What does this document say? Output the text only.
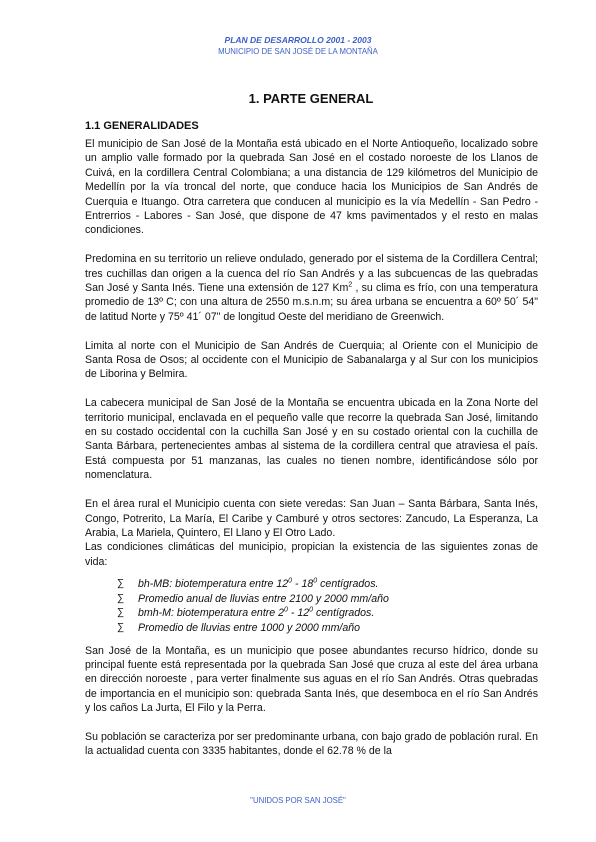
PLAN DE DESARROLLO 2001 - 2003
MUNICIPIO DE SAN JOSÉ DE LA MONTAÑA
1. PARTE GENERAL
1.1 GENERALIDADES

El municipio de San José de la Montaña está ubicado en el Norte Antioqueño, localizado sobre un amplio valle formado por la quebrada San José en el costado noroeste de los Llanos de Cuivá, en la cordillera Central Colombiana; a una distancia de 129 kilómetros del Municipio de Medellín por la vía troncal del norte, que conduce hacia los Municipios de San Andrés de Cuerquia e Ituango. Otra carretera que conducen al municipio es la vía Medellín - San Pedro -Entrerrios - Labores - San José, que dispone de 47 kms pavimentados y el resto en malas condiciones.

Predomina en su territorio un relieve ondulado, generado por el sistema de la Cordillera Central; tres cuchillas dan origen a la cuenca del río San Andrés y a las subcuencas de las quebradas San José y Santa Inés. Tiene una extensión de 127 Km$^2$ , su clima es frío, con una temperatura promedio de 13º C; con una altura de 2550 m.s.n.m; su área urbana se encuentra a 60º 50´ 54" de latitud Norte y 75º 41´ 07" de longitud Oeste del meridiano de Greenwich.

Limita al norte con el Municipio de San Andrés de Cuerquia; al Oriente con el Municipio de Santa Rosa de Osos; al occidente con el Municipio de Sabanalarga y al Sur con los municipios de Liborina y Belmira.

La cabecera municipal de San José de la Montaña se encuentra ubicada en la Zona Norte del territorio municipal, enclavada en el pequeño valle que recorre la quebrada San José, limitando en su costado occidental con la cuchilla San José y en su costado oriental con la cuchilla de Santa Bárbara, pertenecientes ambas al sistema de la cordillera central que atraviesa el país. Está compuesta por 51 manzanas, las cuales no tienen nombre, identificándose sólo por nomenclatura.

En el área rural el Municipio cuenta con siete veredas: San Juan – Santa Bárbara, Santa Inés, Congo, Potrerito, La María, El Caribe y Camburé y otros sectores: Zancudo, La Esperanza, La Arabia, La Mariela, Quintero, El Llano y El Otro Lado.

Las condiciones climáticas del municipio, propician la existencia de las siguientes zonas de vida:

∑ bh-MB: biotemperatura entre $12^0 - 18^0$ centígrados.
∑ Promedio anual de lluvias entre 2100 y 2000 mm/año
∑ bmh-M: biotemperatura entre $2^0 - 12^0$ centígrados.
∑ Promedio de lluvias entre 1000 y 2000 mm/año

San José de la Montaña, es un municipio que posee abundantes recurso hídrico, donde su principal fuente está representada por la quebrada San José que cruza al este del área urbana en dirección noroeste , para verter finalmente sus aguas en el río San Andrés. Otras quebradas de importancia en el municipio son: quebrada Santa Inés, que desemboca en el río San Andrés y los caños La Jurta, El Filo y la Perra.

Su población se caracteriza por ser predominante urbana, con bajo grado de población rural. En la actualidad cuenta con 3335 habitantes, donde el 62.78 % de la

"UNIDOS POR SAN JOSÉ"
